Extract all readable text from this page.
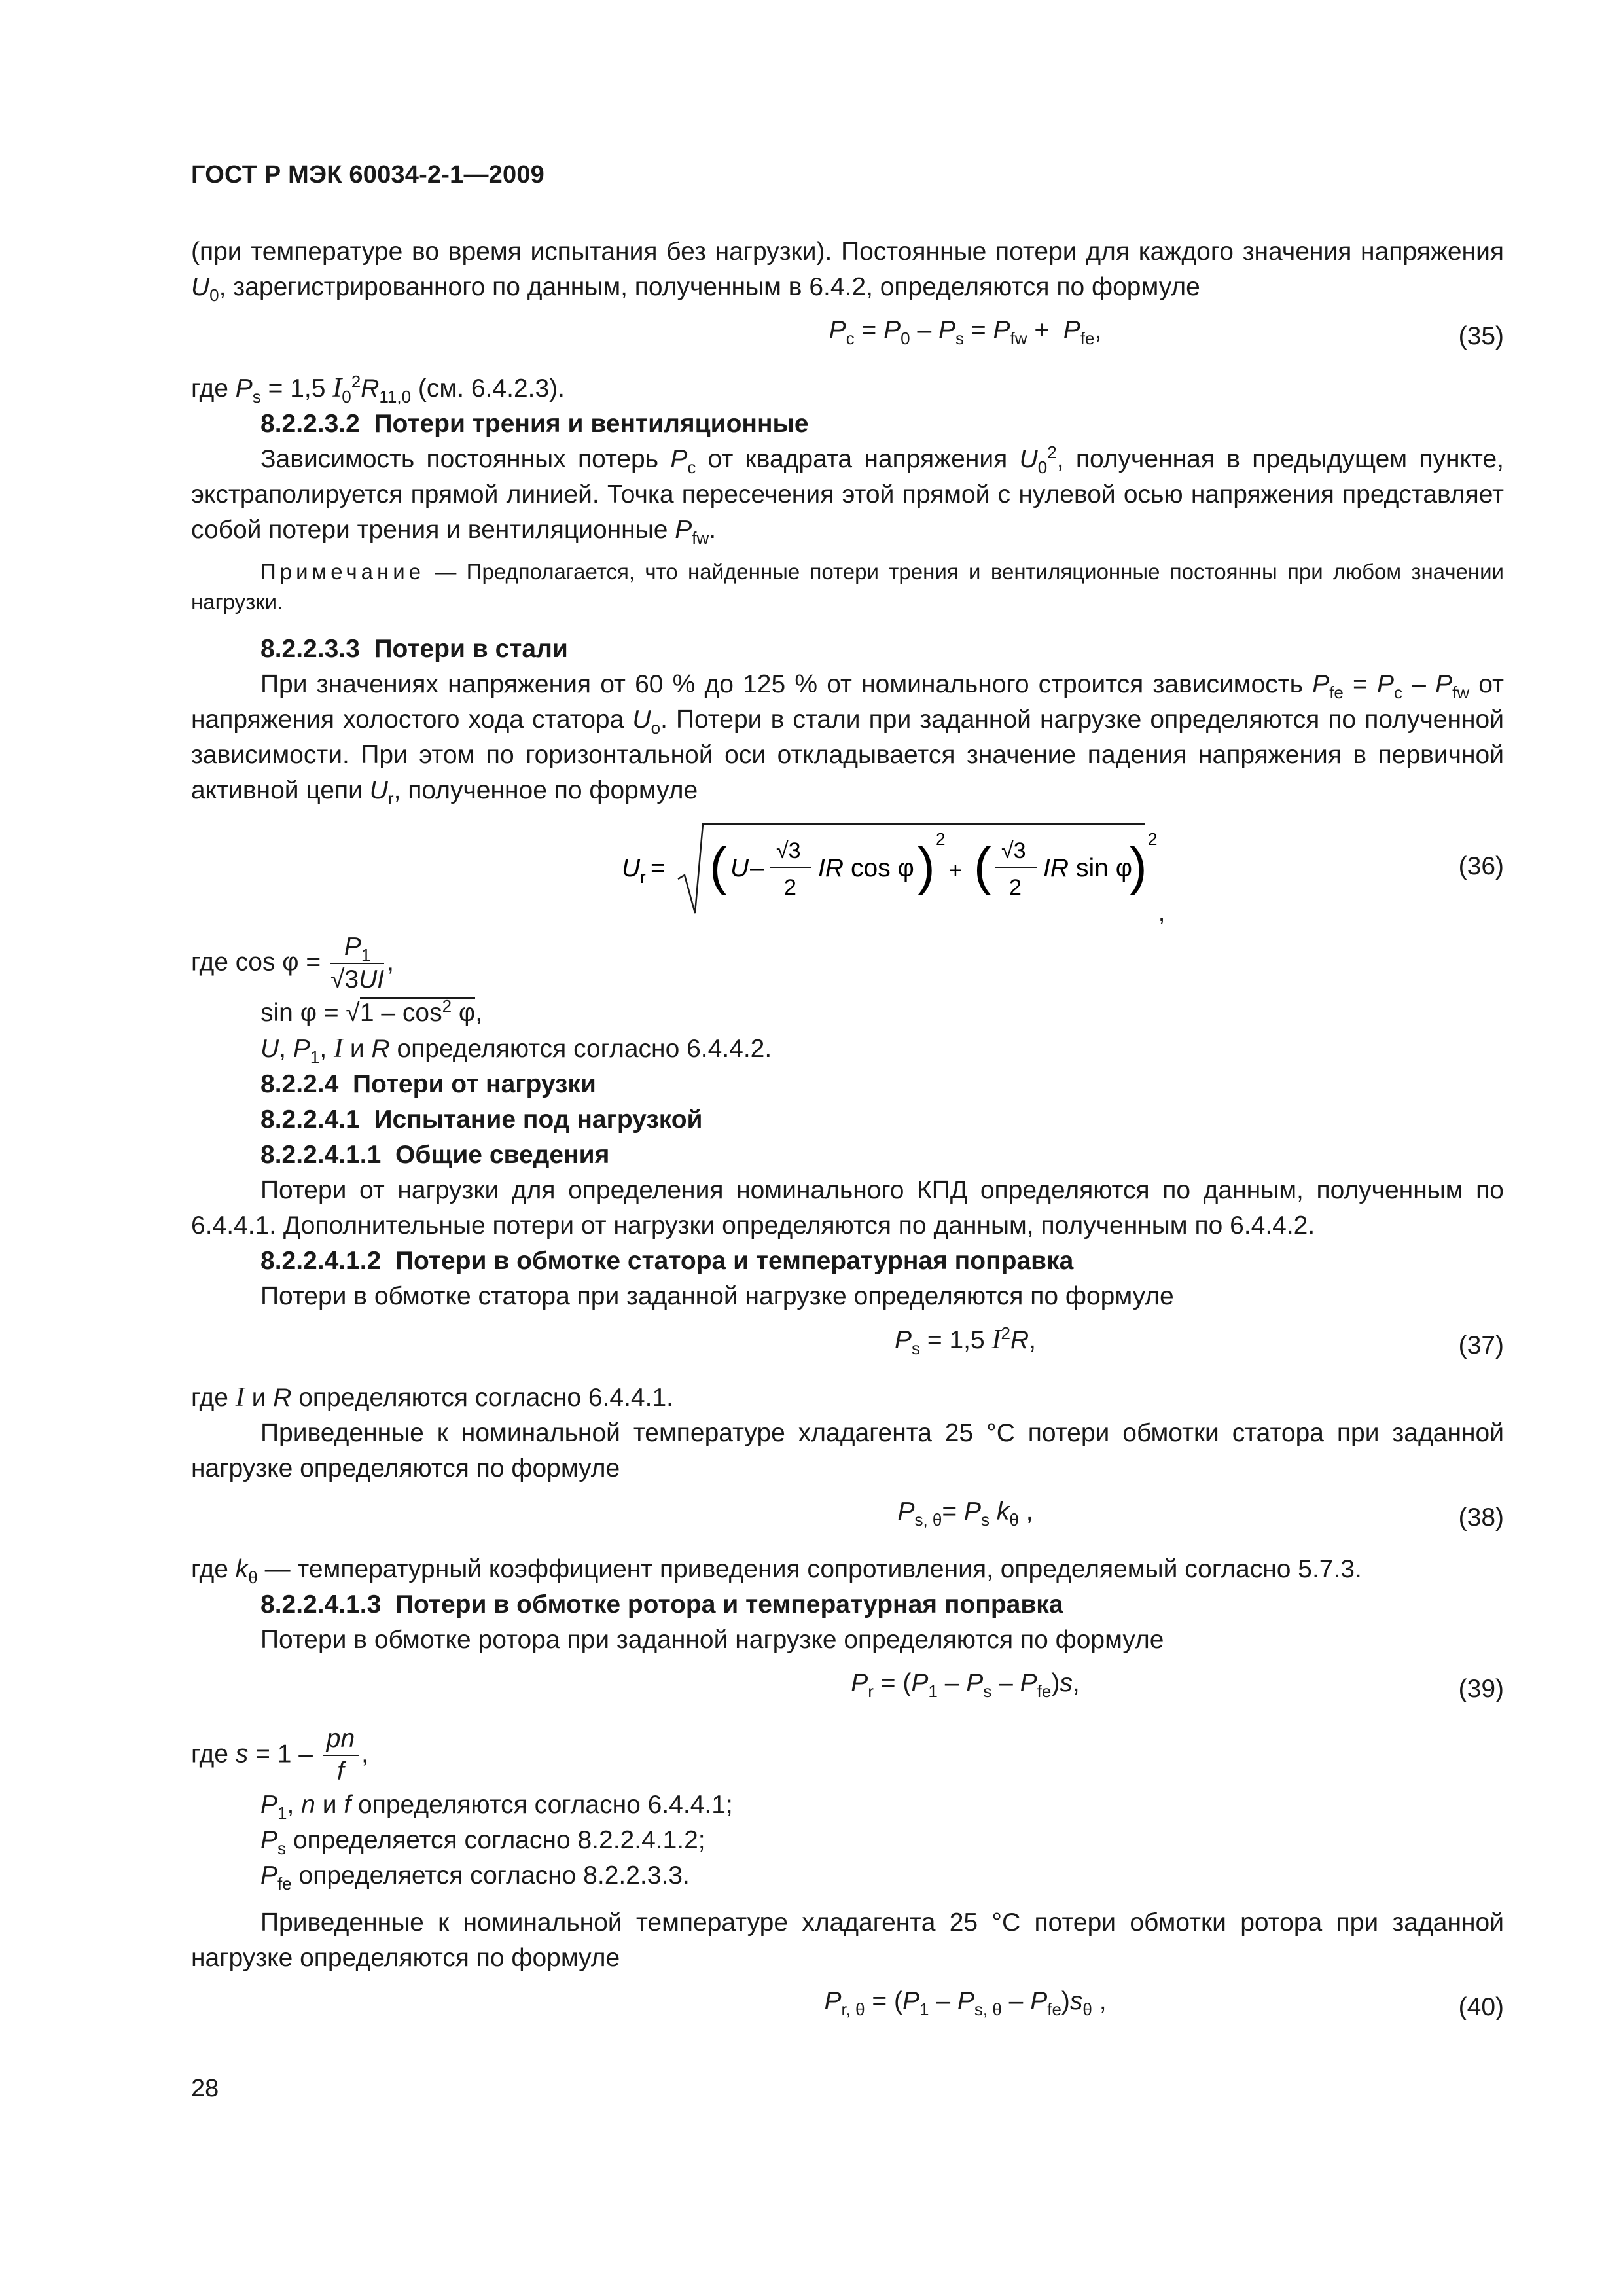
ГОСТ Р МЭК 60034-2-1—2009

(при температуре во время испытания без нагрузки). Постоянные потери для каждого значения напряжения $U_0$, зарегистрированного по данным, полученным в 6.4.2, определяются по формуле

$P_c = P_0 - P_s = P_{fw} + P_{fe}$,	(35)

где $P_s = 1,5$ $I_0^2R_{11,0}$ (см. 6.4.2.3).

8.2.2.3.2 Потери трения и вентиляционные

Зависимость постоянных потерь $P_c$ от квадрата напряжения $U_0^2$, полученная в предыдущем пункте, экстраполируется прямой линией. Точка пересечения этой прямой с нулевой осью напряжения представляет собой потери трения и вентиляционные $P_{fw}$.

Примечание — Предполагается, что найденные потери трения и вентиляционные постоянны при любом значении нагрузки.

8.2.2.3.3 Потери в стали

При значениях напряжения от 60 % до 125 % от номинального строится зависимость $P_{fe} = P_c - P_{fw}$ от напряжения холостого хода статора $U_o$. Потери в стали при заданной нагрузке определяются по полученной зависимости. При этом по горизонтальной оси откладывается значение падения напряжения в первичной активной цепи $U_r$, полученное по формуле

U r = ( U –
√3
2
IR cos φ ) 2
+ ( √3
2
IR sin φ
) 2
,
(36)

где $\cos \varphi = \frac{P_1}{√3UI}$ ,

$\sin \varphi = √1 - \cos^2 \varphi$,

U, $P_1$, I и R определяются согласно 6.4.4.2.

8.2.2.4 Потери от нагрузки

8.2.2.4.1 Испытание под нагрузкой

8.2.2.4.1.1 Общие сведения

Потери от нагрузки для определения номинального КПД определяются по данным, полученным по 6.4.4.1. Дополнительные потери от нагрузки определяются по данным, полученным по 6.4.4.2.

8.2.2.4.1.2 Потери в обмотке статора и температурная поправка

Потери в обмотке статора при заданной нагрузке определяются по формуле

$P_s = 1,5$ $I^2R$,	(37)

где I и R определяются согласно 6.4.4.1.

Приведенные к номинальной температуре хладагента 25 °С потери обмотки статора при заданной нагрузке определяются по формуле

$P_{s, \theta}= P_s$ $k_\theta$ ,	(38)

где $k_\theta$ — температурный коэффициент приведения сопротивления, определяемый согласно 5.7.3.

8.2.2.4.1.3 Потери в обмотке ротора и температурная поправка

Потери в обмотке ротора при заданной нагрузке определяются по формуле

$P_r = (P_1 - P_s - P_{fe})s$,	(39)

где $s = 1 - \frac{pn}{f}$ ,

$P_1$, n и f определяются согласно 6.4.4.1;

$P_s$ определяется согласно 8.2.2.4.1.2;

$P_{fe}$ определяется согласно 8.2.2.3.3.

Приведенные к номинальной температуре хладагента 25 °С потери обмотки ротора при заданной нагрузке определяются по формуле

$P_{r, \theta} = (P_1 - P_{s, \theta} - P_{fe})s_\theta$ ,	(40)
28
